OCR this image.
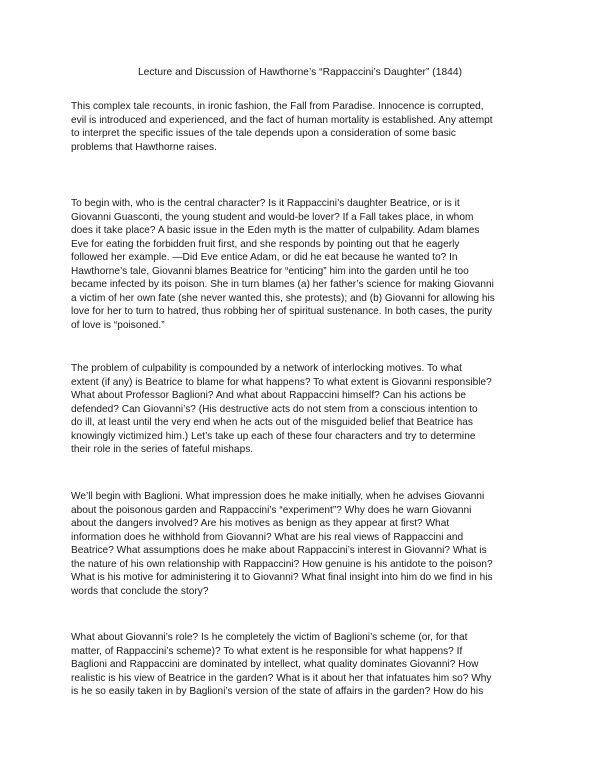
Lecture and Discussion of Hawthorne’s “Rappaccini’s Daughter” (1844)

This complex tale recounts, in ironic fashion, the Fall from Paradise. Innocence is corrupted,
evil is introduced and experienced, and the fact of human mortality is established. Any attempt
to interpret the specific issues of the tale depends upon a consideration of some basic
problems that Hawthorne raises.

To begin with, who is the central character? Is it Rappaccini’s daughter Beatrice, or is it
Giovanni Guasconti, the young student and would-be lover? If a Fall takes place, in whom
does it take place? A basic issue in the Eden myth is the matter of culpability. Adam blames
Eve for eating the forbidden fruit first, and she responds by pointing out that he eagerly
followed her example. —Did Eve entice Adam, or did he eat because he wanted to? In
Hawthorne’s tale, Giovanni blames Beatrice for “enticing” him into the garden until he too
became infected by its poison. She in turn blames (a) her father’s science for making Giovanni
a victim of her own fate (she never wanted this, she protests); and (b) Giovanni for allowing his
love for her to turn to hatred, thus robbing her of spiritual sustenance. In both cases, the purity
of love is “poisoned.”

The problem of culpability is compounded by a network of interlocking motives. To what
extent (if any) is Beatrice to blame for what happens? To what extent is Giovanni responsible?
What about Professor Baglioni? And what about Rappaccini himself? Can his actions be
defended? Can Giovanni’s? (His destructive acts do not stem from a conscious intention to
do ill, at least until the very end when he acts out of the misguided belief that Beatrice has
knowingly victimized him.) Let’s take up each of these four characters and try to determine
their role in the series of fateful mishaps.

We’ll begin with Baglioni. What impression does he make initially, when he advises Giovanni
about the poisonous garden and Rappaccini’s “experiment”? Why does he warn Giovanni
about the dangers involved? Are his motives as benign as they appear at first? What
information does he withhold from Giovanni? What are his real views of Rappaccini and
Beatrice? What assumptions does he make about Rappaccini’s interest in Giovanni? What is
the nature of his own relationship with Rappaccini? How genuine is his antidote to the poison?
What is his motive for administering it to Giovanni? What final insight into him do we find in his
words that conclude the story?

What about Giovanni’s role? Is he completely the victim of Baglioni’s scheme (or, for that
matter, of Rappaccini’s scheme)? To what extent is he responsible for what happens? If
Baglioni and Rappaccini are dominated by intellect, what quality dominates Giovanni? How
realistic is his view of Beatrice in the garden? What is it about her that infatuates him so? Why
is he so easily taken in by Baglioni’s version of the state of affairs in the garden? How do his
